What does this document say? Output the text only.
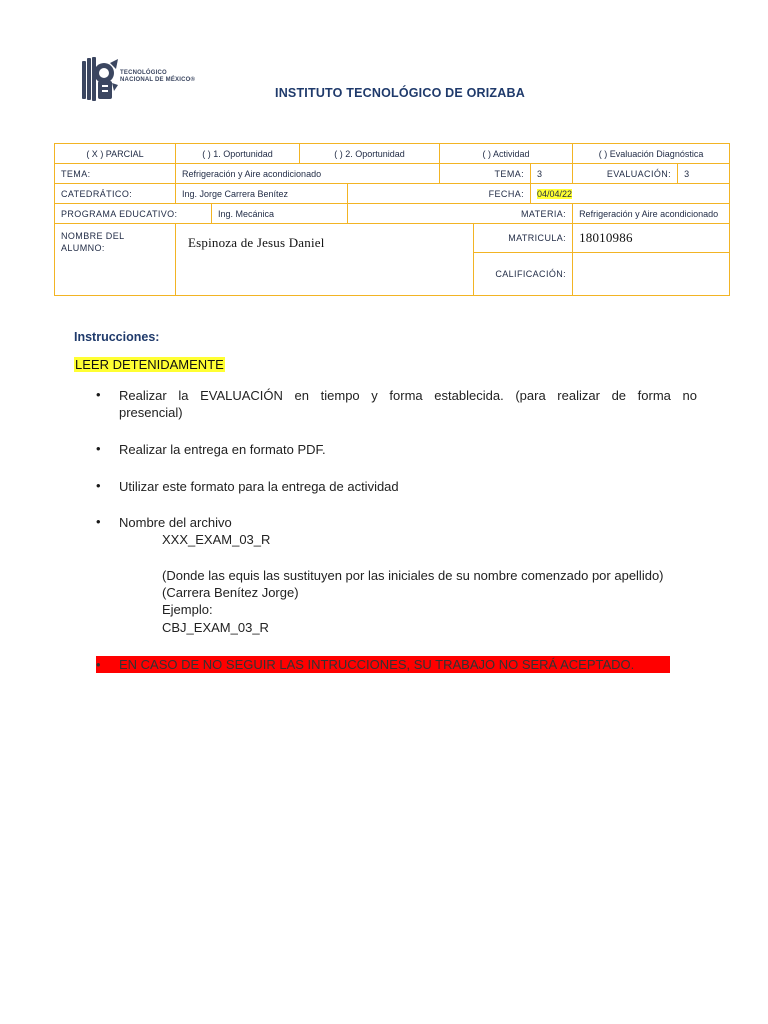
TECNOLÓGICO
NACIONAL DE MÉXICO®
INSTITUTO TECNOLÓGICO DE ORIZABA
( X ) PARCIAL	( ) 1. Oportunidad		( ) 2. Oportunidad		( ) Actividad			( ) Evaluación Diagnóstica	
TEMA:	Refrigeración y Aire acondicionado				TEMA:		3	EVALUACIÓN:	3
CATEDRÁTICO:	Ing. Jorge Carrera Benítez			FECHA:			04/04/22		
PROGRAMA EDUCATIVO:		Ing. Mecánica		MATERIA:				Refrigeración y Aire acondicionado	

NOMBRE DEL
ALUMNO:	Espinoza de Jesus Daniel					MATRICULA:		18010986	
						CALIFICACIÓN:			
Instrucciones:
LEER DETENIDAMENTE
• Realizar la EVALUACIÓN en tiempo y forma establecida. (para realizar de forma no
presencial)
• Realizar la entrega en formato PDF.
• Utilizar este formato para la entrega de actividad
• Nombre del archivo
XXX_EXAM_03_R
(Donde las equis las sustituyen por las iniciales de su nombre comenzado por apellido)
(Carrera Benítez Jorge)
Ejemplo:
CBJ_EXAM_03_R
• EN CASO DE NO SEGUIR LAS INTRUCCIONES, SU TRABAJO NO SERÁ ACEPTADO.
